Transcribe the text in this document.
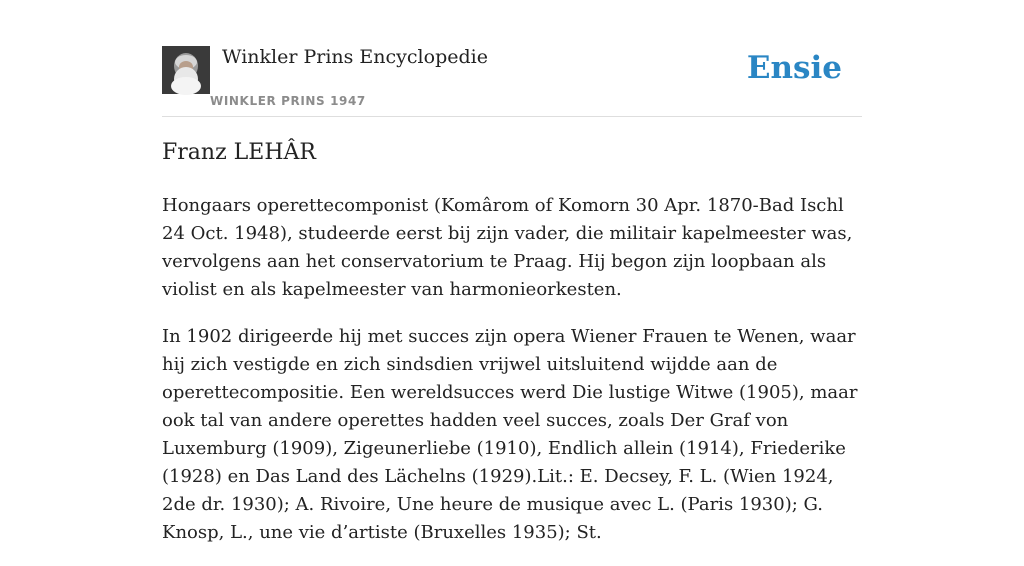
Winkler Prins Encyclopedie
WINKLER PRINS 1947
Ensie
Franz LEHÂR

Hongaars operettecomponist (Komârom of Komorn 30 Apr. 1870-Bad Ischl 24 Oct. 1948), studeerde eerst bij zijn vader, die militair kapelmeester was, vervolgens aan het conservatorium te Praag. Hij begon zijn loopbaan als violist en als kapelmeester van harmonieorkesten.

In 1902 dirigeerde hij met succes zijn opera Wiener Frauen te Wenen, waar hij zich vestigde en zich sindsdien vrijwel uitsluitend wijdde aan de operettecompositie. Een wereldsucces werd Die lustige Witwe (1905), maar ook tal van andere operettes hadden veel succes, zoals Der Graf von Luxemburg (1909), Zigeunerliebe (1910), Endlich allein (1914), Friederike (1928) en Das Land des Lächelns (1929).Lit.: E. Decsey, F. L. (Wien 1924, 2de dr. 1930); A. Rivoire, Une heure de musique avec L. (Paris 1930); G. Knosp, L., une vie d’artiste (Bruxelles 1935); St.
